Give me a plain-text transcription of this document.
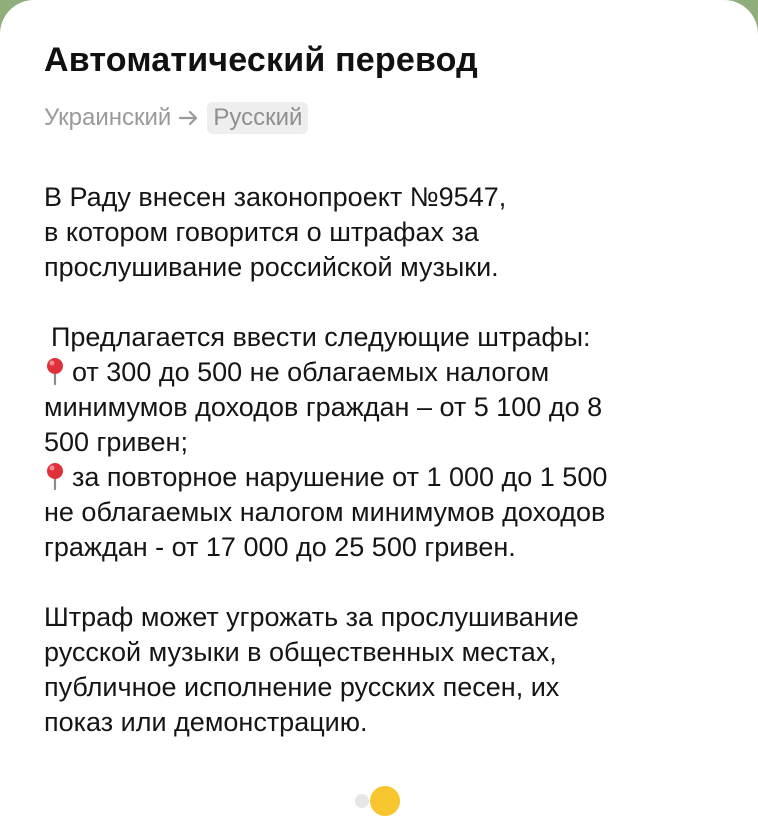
Автоматический перевод
Украинский Русский

В Раду внесен законопроект №9547,
в котором говорится о штрафах за
прослушивание российской музыки.

Предлагается ввести следующие штрафы:
от 300 до 500 не облагаемых налогом
минимумов доходов граждан – от 5 100 до 8
500 гривен;
за повторное нарушение от 1 000 до 1 500
не облагаемых налогом минимумов доходов
граждан - от 17 000 до 25 500 гривен.

Штраф может угрожать за прослушивание
русской музыки в общественных местах,
публичное исполнение русских песен, их
показ или демонстрацию.
